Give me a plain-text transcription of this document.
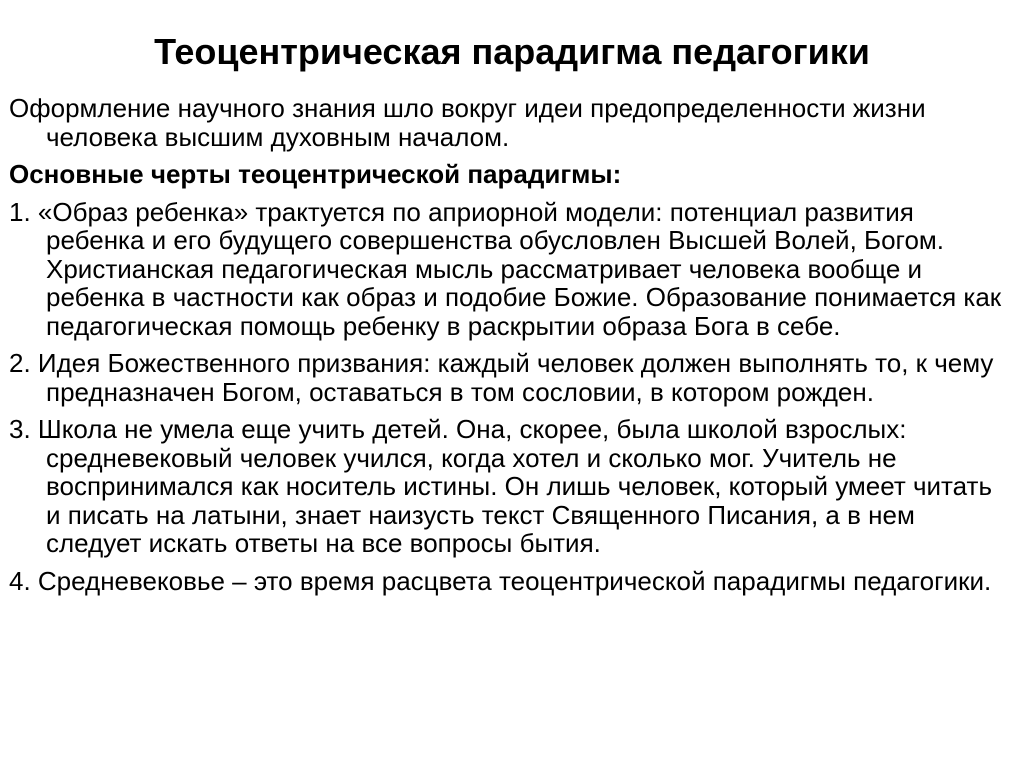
Теоцентрическая парадигма педагогики

Оформление научного знания шло вокруг идеи предопределенности жизни человека высшим духовным началом.

Основные черты теоцентрической парадигмы:

1. «Образ ребенка» трактуется по априорной модели: потенциал развития ребенка и его будущего совершенства обусловлен Высшей Волей, Богом. Христианская педагогическая мысль рассматривает человека вообще и ребенка в частности как образ и подобие Божие. Образование понимается как педагогическая помощь ребенку в раскрытии образа Бога в себе.

2. Идея Божественного призвания: каждый человек должен выполнять то, к чему предназначен Богом, оставаться в том сословии, в котором рожден.

3. Школа не умела еще учить детей. Она, скорее, была школой взрослых: средневековый человек учился, когда хотел и сколько мог. Учитель не воспринимался как носитель истины. Он лишь человек, который умеет читать и писать на латыни, знает наизусть текст Священного Писания, а в нем следует искать ответы на все вопросы бытия.

4. Средневековье – это время расцвета теоцентрической парадигмы педагогики.
